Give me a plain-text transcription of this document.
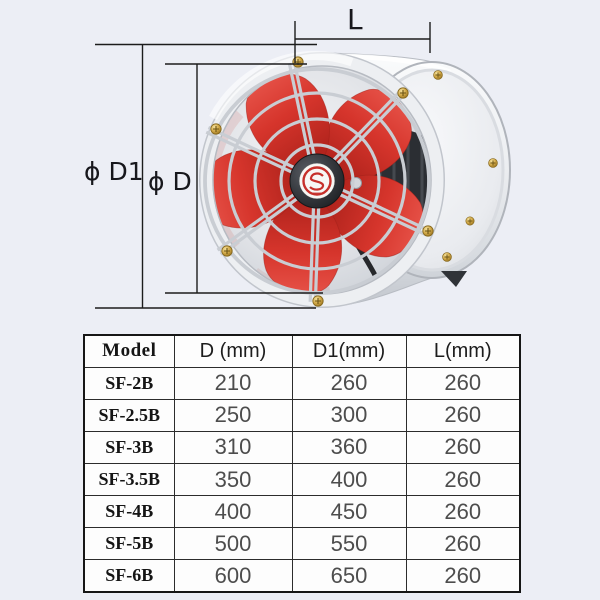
L
ϕ D1 ϕ D
Model	D (mm)	D1(mm)	L(mm)
SF-2B	210	260	260
SF-2.5B	250	300	260
SF-3B	310	360	260
SF-3.5B	350	400	260
SF-4B	400	450	260
SF-5B	500	550	260
SF-6B	600	650	260
